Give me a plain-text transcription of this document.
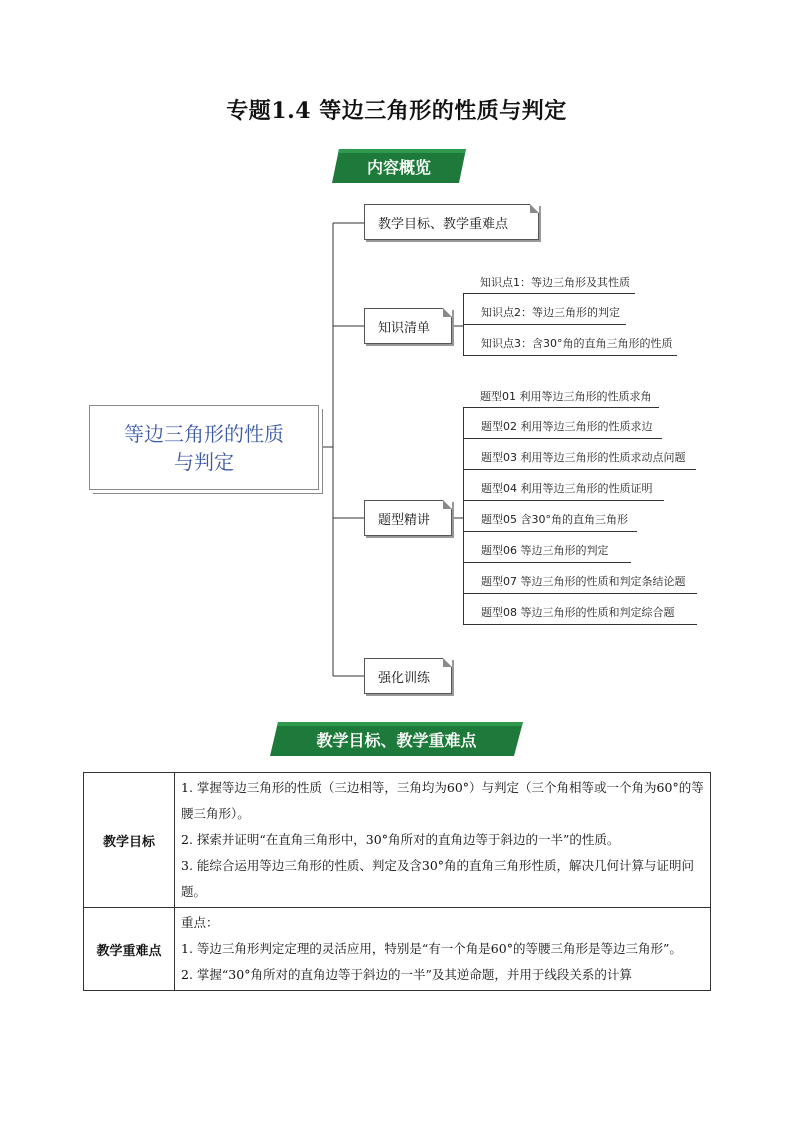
专题1.4 等边三角形的性质与判定
内容概览
等边三角形的性质
与判定
教学目标、教学重难点
知识清单
题型精讲
强化训练
知识点1：等边三角形及其性质
知识点2：等边三角形的判定
知识点3：含30°角的直角三角形的性质
题型01 利用等边三角形的性质求角
题型02 利用等边三角形的性质求边
题型03 利用等边三角形的性质求动点问题
题型04 利用等边三角形的性质证明
题型05 含30°角的直角三角形
题型06 等边三角形的判定
题型07 等边三角形的性质和判定条结论题
题型08 等边三角形的性质和判定综合题
教学目标、教学重难点
教学目标	1. 掌握等边三角形的性质（三边相等，三角均为60°）与判定（三个角相等或一个角为60°的等腰三角形）。

2. 探索并证明“在直角三角形中，30°角所对的直角边等于斜边的一半”的性质。

3. 能综合运用等边三角形的性质、判定及含30°角的直角三角形性质，解决几何计算与证明问题。

教学重难点	重点：

1. 等边三角形判定定理的灵活应用，特别是“有一个角是60°的等腰三角形是等边三角形”。

2. 掌握“30°角所对的直角边等于斜边的一半”及其逆命题，并用于线段关系的计算
